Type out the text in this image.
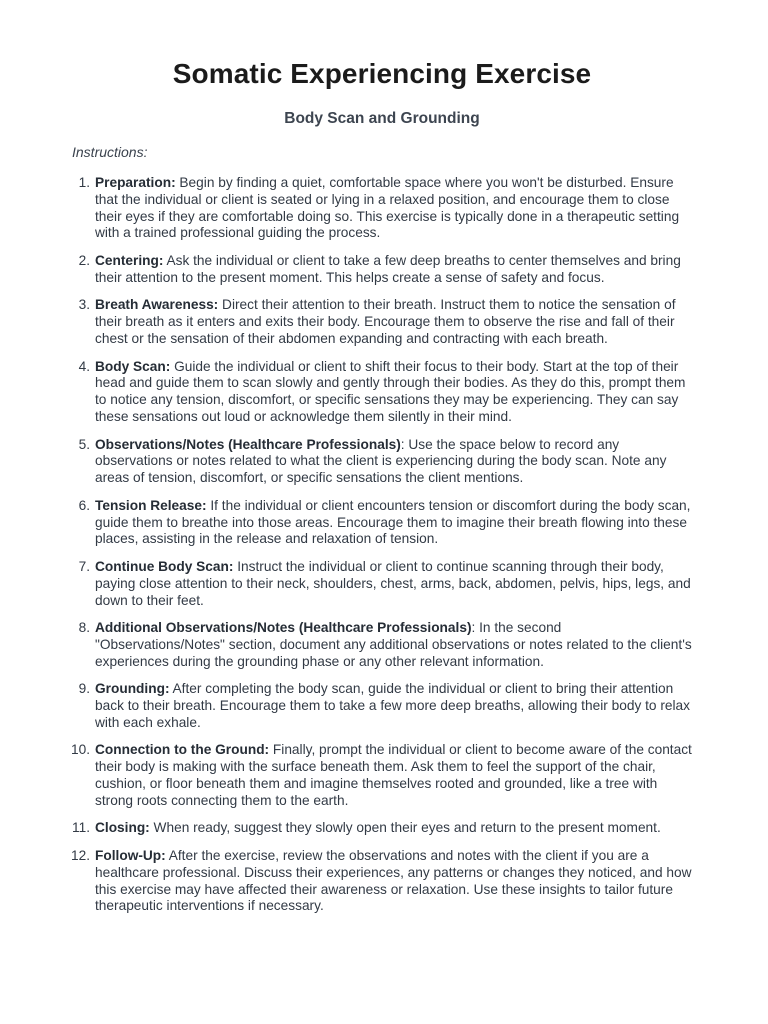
Somatic Experiencing Exercise
Body Scan and Grounding
Instructions:
1. Preparation: Begin by finding a quiet, comfortable space where you won't be disturbed. Ensure that the individual or client is seated or lying in a relaxed position, and encourage them to close their eyes if they are comfortable doing so. This exercise is typically done in a therapeutic setting with a trained professional guiding the process.
2. Centering: Ask the individual or client to take a few deep breaths to center themselves and bring their attention to the present moment. This helps create a sense of safety and focus.
3. Breath Awareness: Direct their attention to their breath. Instruct them to notice the sensation of their breath as it enters and exits their body. Encourage them to observe the rise and fall of their chest or the sensation of their abdomen expanding and contracting with each breath.
4. Body Scan: Guide the individual or client to shift their focus to their body. Start at the top of their head and guide them to scan slowly and gently through their bodies. As they do this, prompt them to notice any tension, discomfort, or specific sensations they may be experiencing. They can say these sensations out loud or acknowledge them silently in their mind.
5. Observations/Notes (Healthcare Professionals): Use the space below to record any observations or notes related to what the client is experiencing during the body scan. Note any areas of tension, discomfort, or specific sensations the client mentions.
6. Tension Release: If the individual or client encounters tension or discomfort during the body scan, guide them to breathe into those areas. Encourage them to imagine their breath flowing into these places, assisting in the release and relaxation of tension.
7. Continue Body Scan: Instruct the individual or client to continue scanning through their body, paying close attention to their neck, shoulders, chest, arms, back, abdomen, pelvis, hips, legs, and down to their feet.
8. Additional Observations/Notes (Healthcare Professionals): In the second "Observations/Notes" section, document any additional observations or notes related to the client's experiences during the grounding phase or any other relevant information.
9. Grounding: After completing the body scan, guide the individual or client to bring their attention back to their breath. Encourage them to take a few more deep breaths, allowing their body to relax with each exhale.
10. Connection to the Ground: Finally, prompt the individual or client to become aware of the contact their body is making with the surface beneath them. Ask them to feel the support of the chair, cushion, or floor beneath them and imagine themselves rooted and grounded, like a tree with strong roots connecting them to the earth.
11. Closing: When ready, suggest they slowly open their eyes and return to the present moment.
12. Follow-Up: After the exercise, review the observations and notes with the client if you are a healthcare professional. Discuss their experiences, any patterns or changes they noticed, and how this exercise may have affected their awareness or relaxation. Use these insights to tailor future therapeutic interventions if necessary.
